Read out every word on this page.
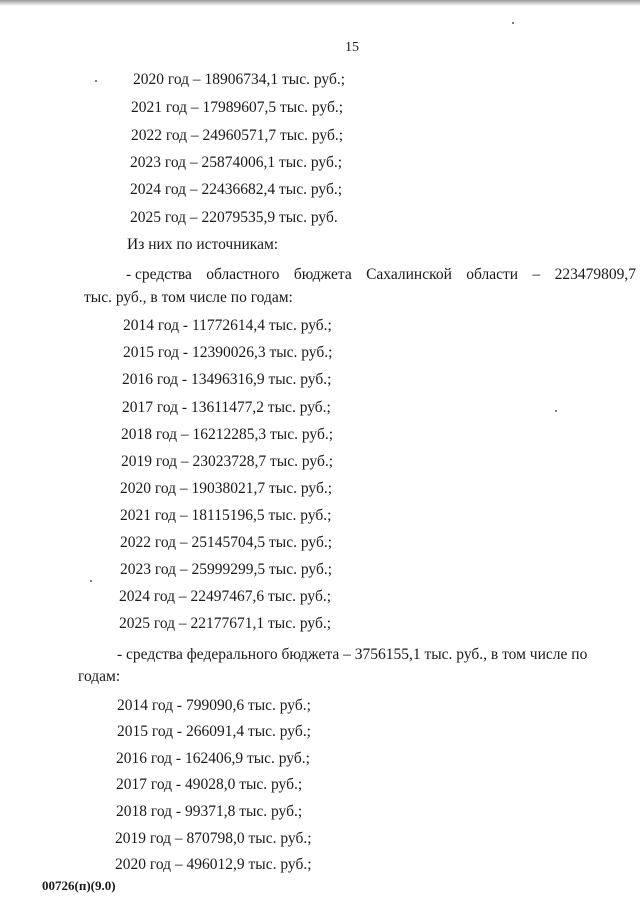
15
2020 год – 18906734,1 тыс. руб.;
2021 год – 17989607,5 тыс. руб.;
2022 год – 24960571,7 тыс. руб.;
2023 год – 25874006,1 тыс. руб.;
2024 год – 22436682,4 тыс. руб.;
2025 год – 22079535,9 тыс. руб.
Из них по источникам:
- средства областного бюджета Сахалинской области – 223479809,7
тыс. руб., в том числе по годам:
2014 год - 11772614,4 тыс. руб.;
2015 год - 12390026,3 тыс. руб.;
2016 год - 13496316,9 тыс. руб.;
2017 год - 13611477,2 тыс. руб.;
2018 год – 16212285,3 тыс. руб.;
2019 год – 23023728,7 тыс. руб.;
2020 год – 19038021,7 тыс. руб.;
2021 год – 18115196,5 тыс. руб.;
2022 год – 25145704,5 тыс. руб.;
2023 год – 25999299,5 тыс. руб.;
2024 год – 22497467,6 тыс. руб.;
2025 год – 22177671,1 тыс. руб.;
- средства федерального бюджета – 3756155,1 тыс. руб., в том числе по
годам:
2014 год - 799090,6 тыс. руб.;
2015 год - 266091,4 тыс. руб.;
2016 год - 162406,9 тыс. руб.;
2017 год - 49028,0 тыс. руб.;
2018 год - 99371,8 тыс. руб.;
2019 год – 870798,0 тыс. руб.;
2020 год – 496012,9 тыс. руб.;
00726(п)(9.0)
